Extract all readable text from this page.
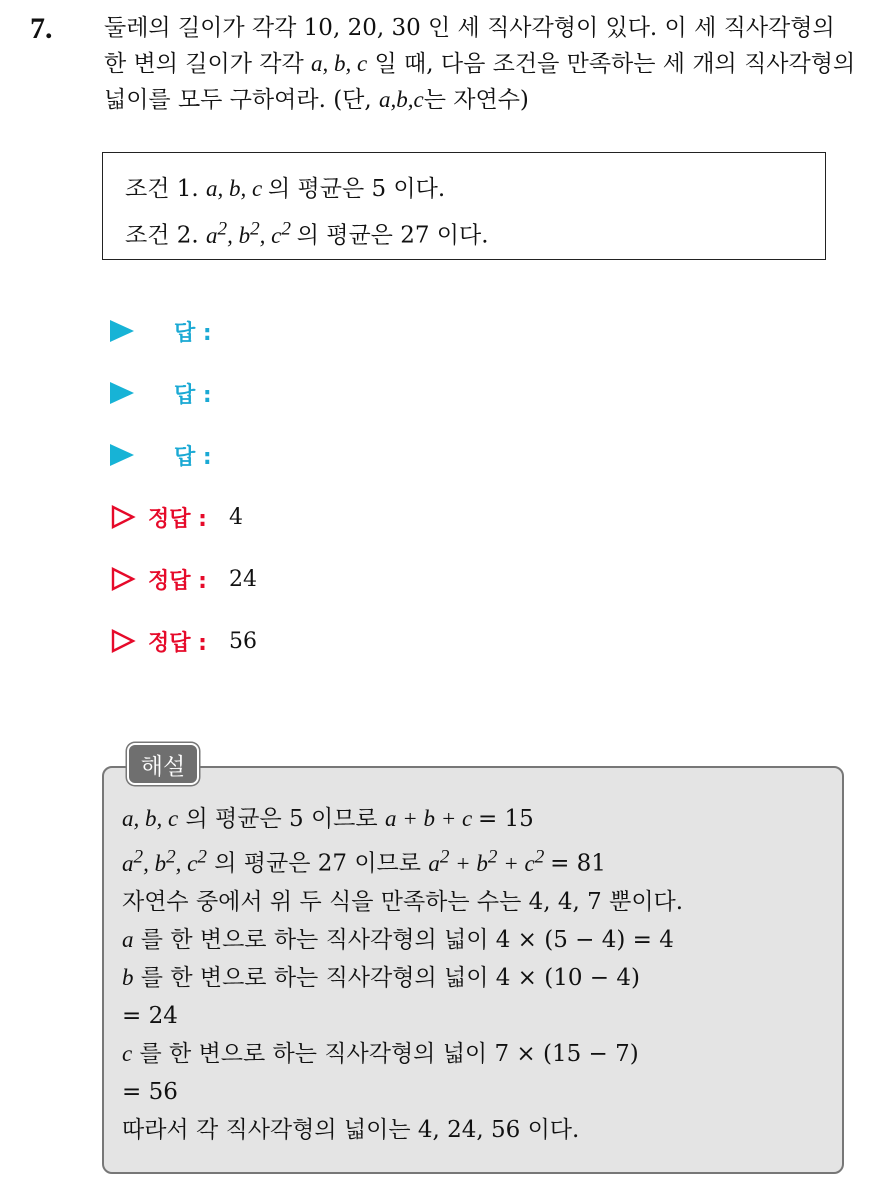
7. 둘레의 길이가 각각 10, 20, 30 인 세 직사각형이 있다. 이 세 직사각형의 한 변의 길이가 각각 a, b, c 일 때, 다음 조건을 만족하는 세 개의 직사각형의 넓이를 모두 구하여라. (단, a,b,c는 자연수)

조건 1. a, b, c 의 평균은 5 이다.
조건 2. $a^2$, $b^2$, $c^2$ 의 평균은 27 이다.
답 :
답 :
답 :
정답 : 4
정답 : 24
정답 : 56
해설
a, b, c 의 평균은 5 이므로 a + b + c = 15
$a^2$, $b^2$, $c^2$ 의 평균은 27 이므로 $a^2 + b^2 + c^2 = 81$
자연수 중에서 위 두 식을 만족하는 수는 4, 4, 7 뿐이다.
a 를 한 변으로 하는 직사각형의 넓이 4 × (5 − 4) = 4
b 를 한 변으로 하는 직사각형의 넓이 4 × (10 − 4)
= 24
c 를 한 변으로 하는 직사각형의 넓이 7 × (15 − 7)
= 56
따라서 각 직사각형의 넓이는 4, 24, 56 이다.
